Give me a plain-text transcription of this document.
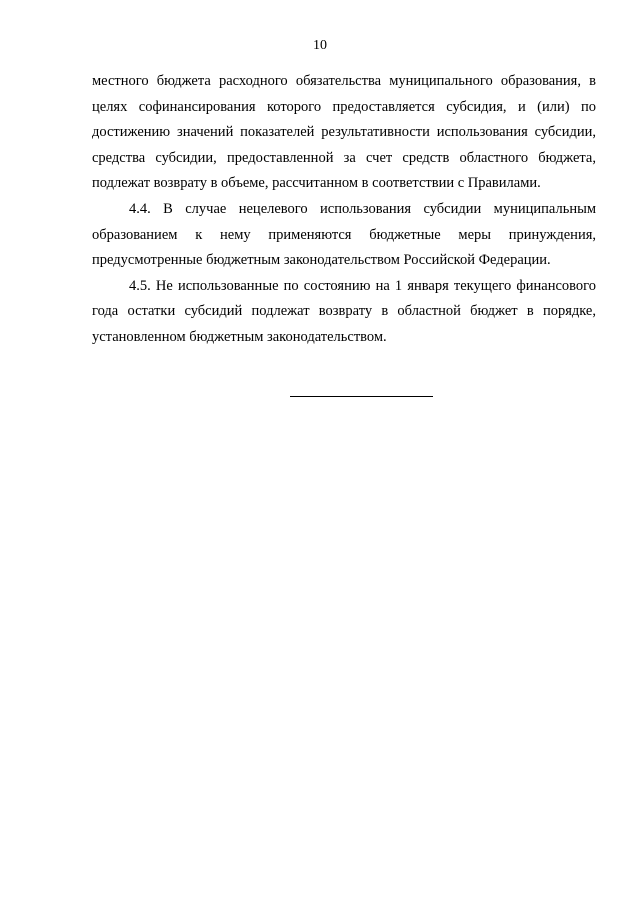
10

местного бюджета расходного обязательства муниципального образования, в целях софинансирования которого предоставляется субсидия, и (или) по достижению значений показателей результативности использования субсидии, средства субсидии, предоставленной за счет средств областного бюджета, подлежат возврату в объеме, рассчитанном в соответствии с Правилами.

4.4. В случае нецелевого использования субсидии муниципальным образованием к нему применяются бюджетные меры принуждения, предусмотренные бюджетным законодательством Российской Федерации.

4.5. Не использованные по состоянию на 1 января текущего финансового года остатки субсидий подлежат возврату в областной бюджет в порядке, установленном бюджетным законодательством.
